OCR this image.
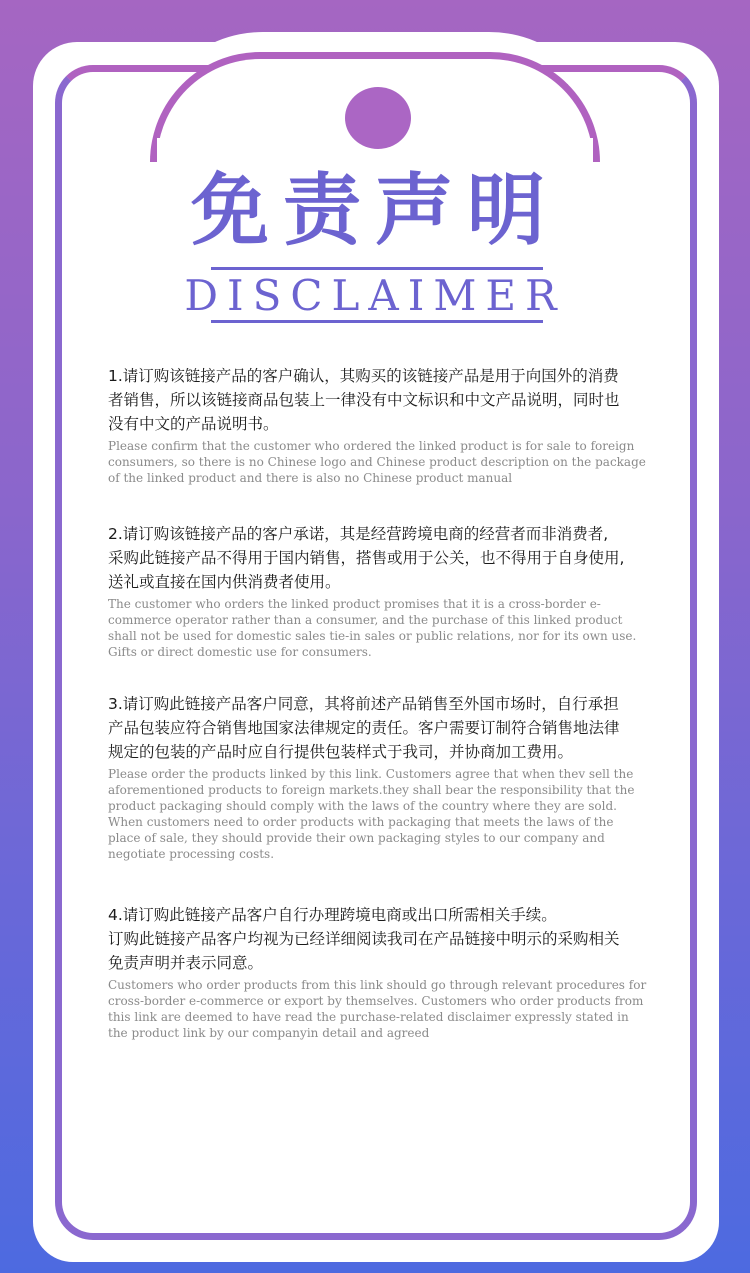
免责声明
DISCLAIMER
1.请订购该链接产品的客户确认，其购买的该链接产品是用于向国外的消费
者销售，所以该链接商品包装上一律没有中文标识和中文产品说明，同时也
没有中文的产品说明书。
Please confirm that the customer who ordered the linked product is for sale to foreign consumers, so there is no Chinese logo and Chinese product description on the package of the linked product and there is also no Chinese product manual
2.请订购该链接产品的客户承诺，其是经营跨境电商的经营者而非消费者,
采购此链接产品不得用于国内销售，搭售或用于公关，也不得用于自身使用,
送礼或直接在国内供消费者使用。
The customer who orders the linked product promises that it is a cross-border e-commerce operator rather than a consumer, and the purchase of this linked product shall not be used for domestic sales tie-in sales or public relations, nor for its own use. Gifts or direct domestic use for consumers.
3.请订购此链接产品客户同意，其将前述产品销售至外国市场时，自行承担
产品包装应符合销售地国家法律规定的责任。客户需要订制符合销售地法律
规定的包装的产品时应自行提供包装样式于我司，并协商加工费用。
Please order the products linked by this link. Customers agree that when thev sell the aforementioned products to foreign markets.they shall bear the responsibility that the product packaging should comply with the laws of the country where they are sold. When customers need to order products with packaging that meets the laws of the place of sale, they should provide their own packaging styles to our company and negotiate processing costs.
4.请订购此链接产品客户自行办理跨境电商或出口所需相关手续。
订购此链接产品客户均视为已经详细阅读我司在产品链接中明示的采购相关
免责声明并表示同意。
Customers who order products from this link should go through relevant procedures for cross-border e-commerce or export by themselves. Customers who order products from this link are deemed to have read the purchase-related disclaimer expressly stated in the product link by our companyin detail and agreed
